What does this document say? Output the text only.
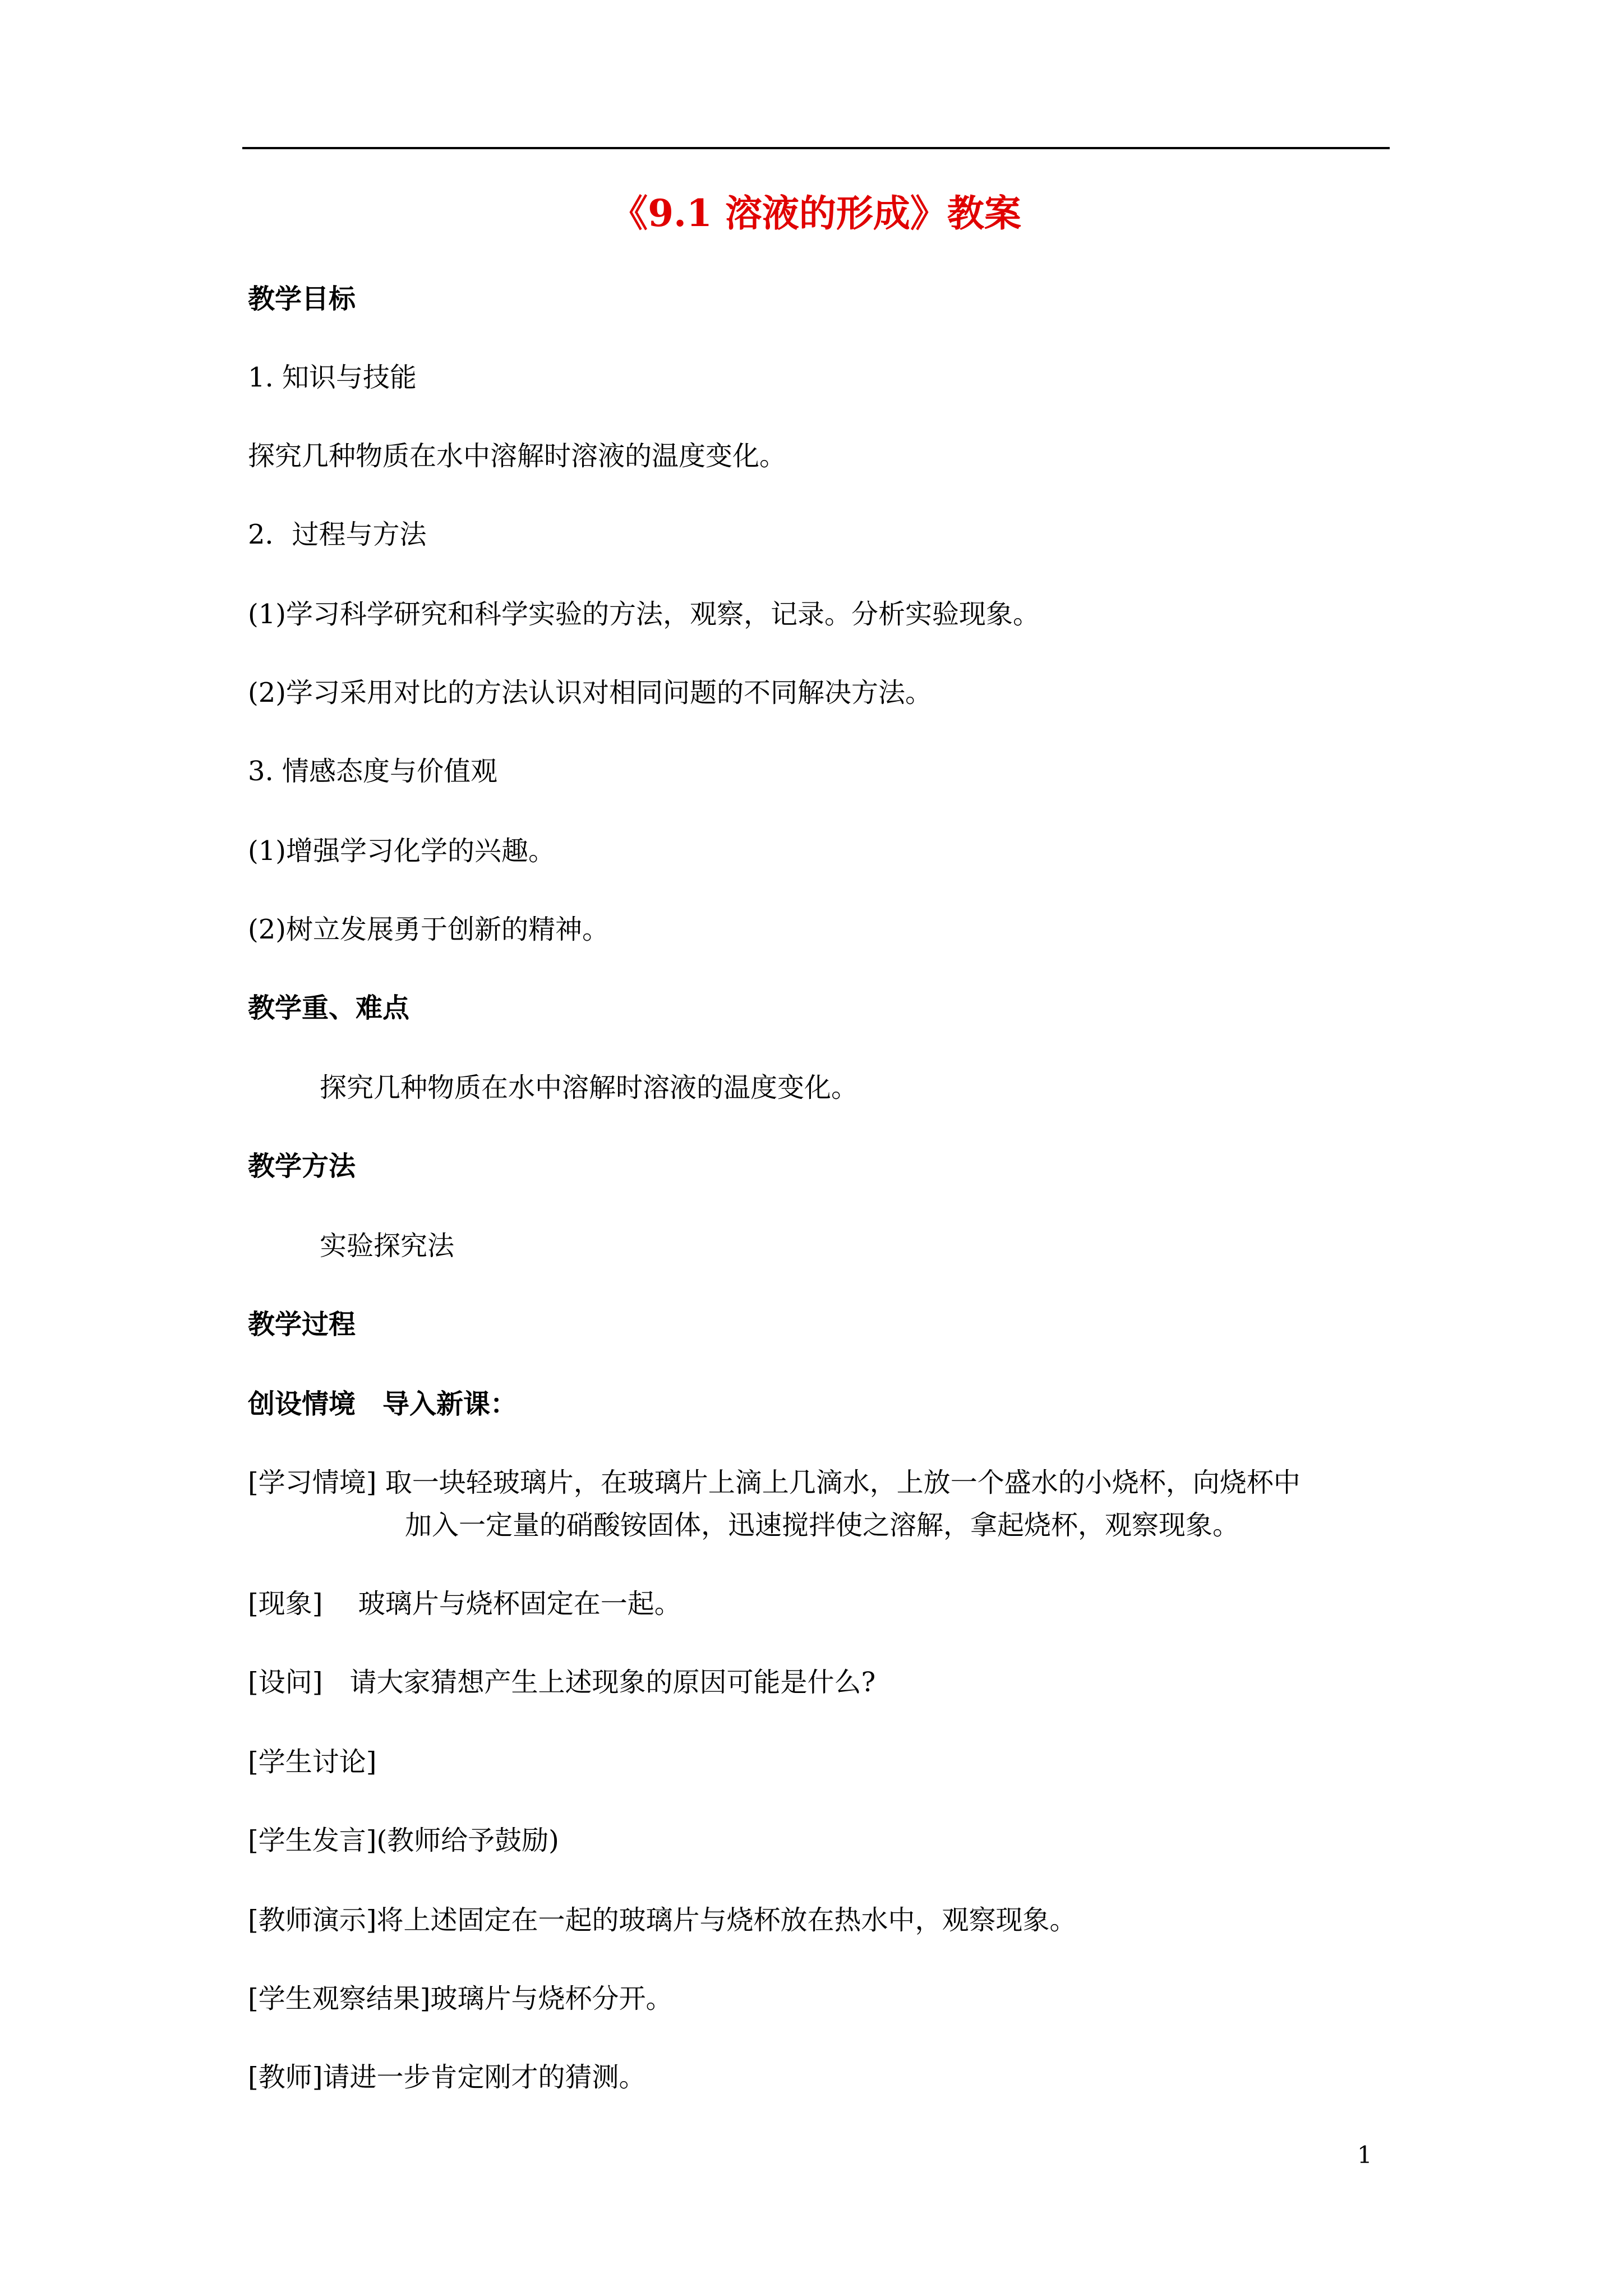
《9.1 溶液的形成》教案
教学目标
1. 知识与技能
探究几种物质在水中溶解时溶液的温度变化。
2．过程与方法
(1)学习科学研究和科学实验的方法，观察，记录。分析实验现象。
(2)学习采用对比的方法认识对相同问题的不同解决方法。
3. 情感态度与价值观
(1)增强学习化学的兴趣。
(2)树立发展勇于创新的精神。
教学重、难点
探究几种物质在水中溶解时溶液的温度变化。
教学方法
实验探究法
教学过程
创设情境　导入新课：
[学习情境] 取一块轻玻璃片，在玻璃片上滴上几滴水，上放一个盛水的小烧杯，向烧杯中
加入一定量的硝酸铵固体，迅速搅拌使之溶解，拿起烧杯，观察现象。
[现象]　 玻璃片与烧杯固定在一起。
[设问]　请大家猜想产生上述现象的原因可能是什么?
[学生讨论]
[学生发言](教师给予鼓励)
[教师演示]将上述固定在一起的玻璃片与烧杯放在热水中，观察现象。
[学生观察结果]玻璃片与烧杯分开。
[教师]请进一步肯定刚才的猜测。
1
